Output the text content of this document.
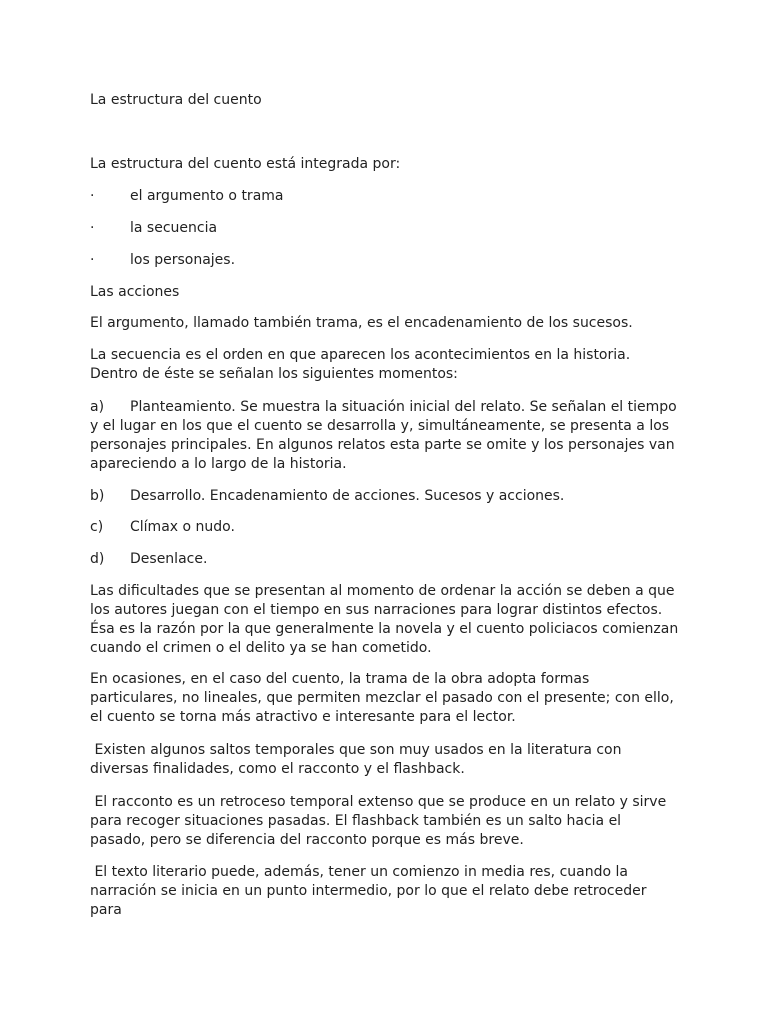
La estructura del cuento

La estructura del cuento está integrada por:

·	el argumento o trama
·	la secuencia
·	los personajes.

Las acciones

El argumento, llamado también trama, es el encadenamiento de los sucesos.

La secuencia es el orden en que aparecen los acontecimientos en la historia. Dentro de éste se señalan los siguientes momentos:

a)	Planteamiento. Se muestra la situación inicial del relato. Se señalan el tiempo y el lugar en los que el cuento se desarrolla y, simultáneamente, se presenta a los personajes principales. En algunos relatos esta parte se omite y los personajes van apareciendo a lo largo de la historia.

b) Desarrollo. Encadenamiento de acciones. Sucesos y acciones.
c) Clímax o nudo.
d) Desenlace.

Las dificultades que se presentan al momento de ordenar la acción se deben a que los autores juegan con el tiempo en sus narraciones para lograr distintos efectos. Ésa es la razón por la que generalmente la novela y el cuento policiacos comienzan cuando el crimen o el delito ya se han cometido.

En ocasiones, en el caso del cuento, la trama de la obra adopta formas particulares, no lineales, que permiten mezclar el pasado con el presente; con ello, el cuento se torna más atractivo e interesante para el lector.

Existen algunos saltos temporales que son muy usados en la literatura con diversas finalidades, como el racconto y el flashback.

El racconto es un retroceso temporal extenso que se produce en un relato y sirve para recoger situaciones pasadas. El flashback también es un salto hacia el pasado, pero se diferencia del racconto porque es más breve.

El texto literario puede, además, tener un comienzo in media res, cuando la narración se inicia en un punto intermedio, por lo que el relato debe retroceder para
